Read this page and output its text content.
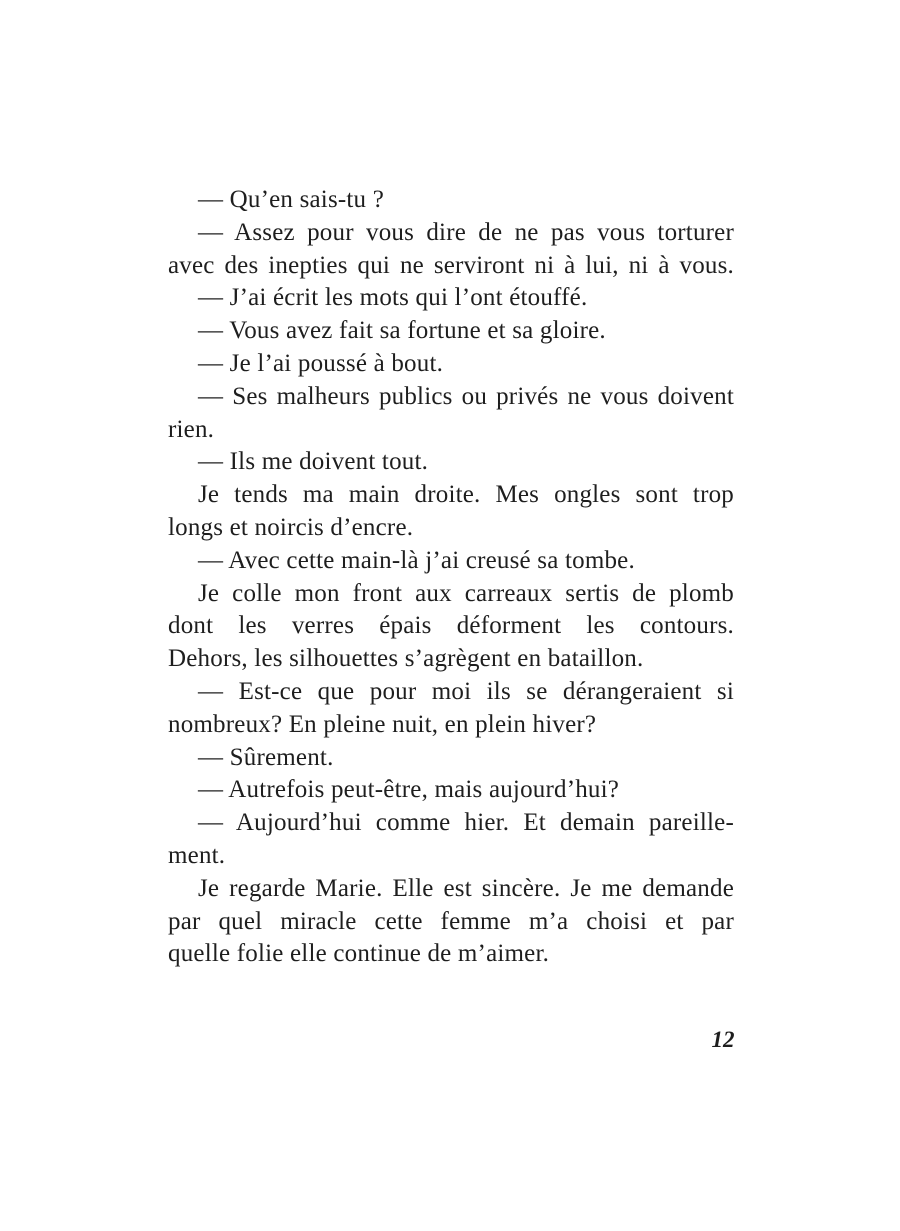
— Qu’en sais-tu ?
— Assez pour vous dire de ne pas vous torturer
avec des inepties qui ne serviront ni à lui, ni à vous.
— J’ai écrit les mots qui l’ont étouffé.
— Vous avez fait sa fortune et sa gloire.
— Je l’ai poussé à bout.
— Ses malheurs publics ou privés ne vous doivent
rien.
— Ils me doivent tout.
Je tends ma main droite. Mes ongles sont trop
longs et noircis d’encre.
— Avec cette main-là j’ai creusé sa tombe.
Je colle mon front aux carreaux sertis de plomb
dont les verres épais déforment les contours.
Dehors, les silhouettes s’agrègent en bataillon.
— Est-ce que pour moi ils se dérangeraient si
nombreux? En pleine nuit, en plein hiver?
— Sûrement.
— Autrefois peut-être, mais aujourd’hui?
— Aujourd’hui comme hier. Et demain pareille-
ment.
Je regarde Marie. Elle est sincère. Je me demande
par quel miracle cette femme m’a choisi et par
quelle folie elle continue de m’aimer.
12
